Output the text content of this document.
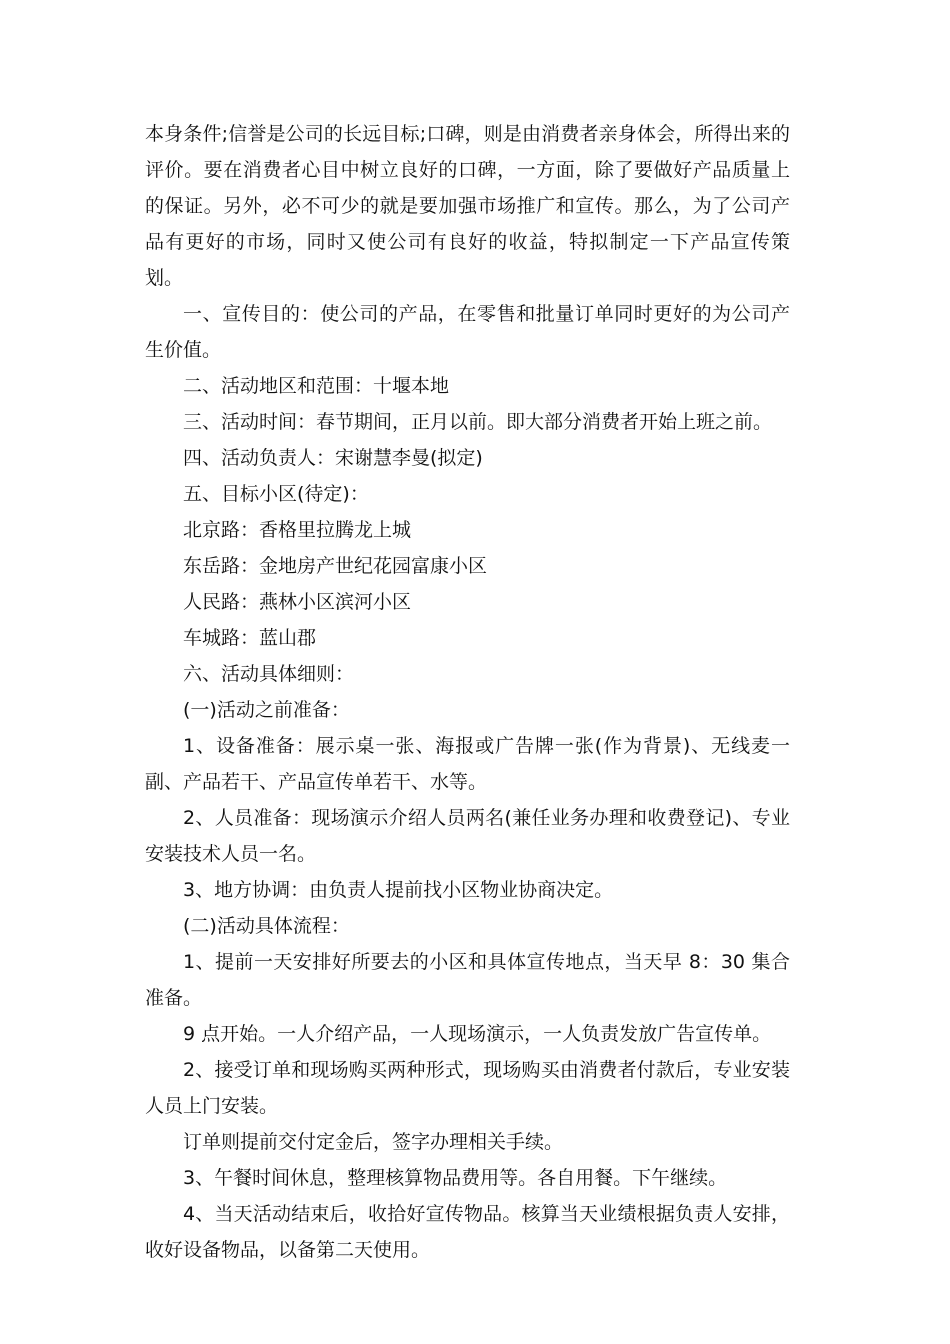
本身条件;信誉是公司的长远目标;口碑，则是由消费者亲身体会，所得出来的评价。要在消费者心目中树立良好的口碑，一方面，除了要做好产品质量上的保证。另外，必不可少的就是要加强市场推广和宣传。那么，为了公司产品有更好的市场，同时又使公司有良好的收益，特拟制定一下产品宣传策划。

一、宣传目的：使公司的产品，在零售和批量订单同时更好的为公司产生价值。

二、活动地区和范围：十堰本地

三、活动时间：春节期间，正月以前。即大部分消费者开始上班之前。

四、活动负责人：宋谢慧李曼(拟定)

五、目标小区(待定)：

北京路：香格里拉腾龙上城

东岳路：金地房产世纪花园富康小区

人民路：燕林小区滨河小区

车城路：蓝山郡

六、活动具体细则：

(一)活动之前准备：

1、设备准备：展示桌一张、海报或广告牌一张(作为背景)、无线麦一副、产品若干、产品宣传单若干、水等。

2、人员准备：现场演示介绍人员两名(兼任业务办理和收费登记)、专业安装技术人员一名。

3、地方协调：由负责人提前找小区物业协商决定。

(二)活动具体流程：

1、提前一天安排好所要去的小区和具体宣传地点，当天早 8：30 集合准备。

9 点开始。一人介绍产品，一人现场演示，一人负责发放广告宣传单。

2、接受订单和现场购买两种形式，现场购买由消费者付款后，专业安装人员上门安装。

订单则提前交付定金后，签字办理相关手续。

3、午餐时间休息，整理核算物品费用等。各自用餐。下午继续。

4、当天活动结束后，收拾好宣传物品。核算当天业绩根据负责人安排，收好设备物品，以备第二天使用。
